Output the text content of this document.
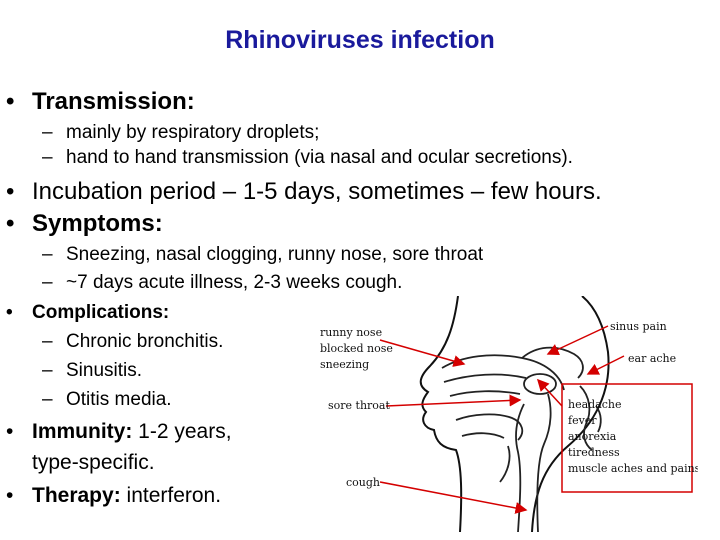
Rhinoviruses infection
• Transmission:
– mainly by respiratory droplets;
– hand to hand transmission (via nasal and ocular secretions).
• Incubation period – 1-5 days, sometimes – few hours.
• Symptoms:
– Sneezing, nasal clogging, runny nose, sore throat
– ~7 days acute illness, 2-3 weeks cough.
• Complications:
– Chronic bronchitis.
– Sinusitis.
– Otitis media.
• Immunity: 1-2 years,
type-specific.
• Therapy: interferon.
runny nose
blocked nose
sneezing
sore throat
cough
sinus pain
ear ache
headache
fever
anorexia
tiredness
muscle aches and pains
